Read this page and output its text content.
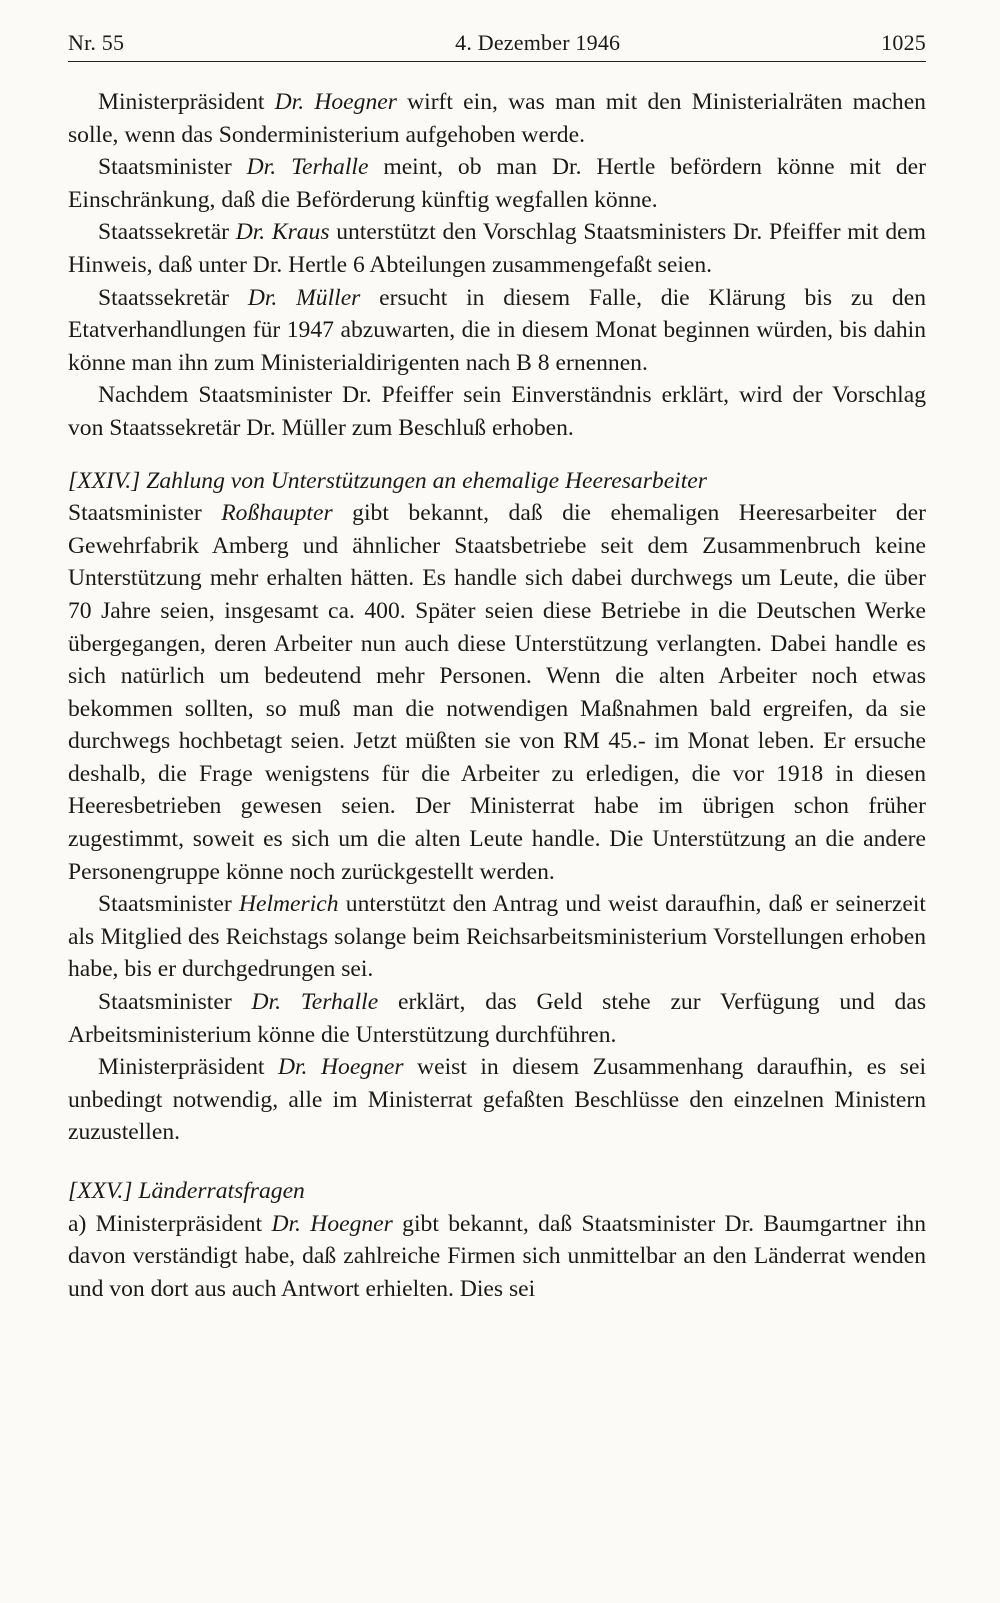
Nr. 55	4. Dezember 1946	1025

Ministerpräsident Dr. Hoegner wirft ein, was man mit den Ministerialräten machen solle, wenn das Sonderministerium aufgehoben werde.

Staatsminister Dr. Terhalle meint, ob man Dr. Hertle befördern könne mit der Einschränkung, daß die Beförderung künftig wegfallen könne.

Staatssekretär Dr. Kraus unterstützt den Vorschlag Staatsministers Dr. Pfeiffer mit dem Hinweis, daß unter Dr. Hertle 6 Abteilungen zusammengefaßt seien.

Staatssekretär Dr. Müller ersucht in diesem Falle, die Klärung bis zu den Etatverhandlungen für 1947 abzuwarten, die in diesem Monat beginnen würden, bis dahin könne man ihn zum Ministerialdirigenten nach B 8 ernennen.

Nachdem Staatsminister Dr. Pfeiffer sein Einverständnis erklärt, wird der Vorschlag von Staatssekretär Dr. Müller zum Beschluß erhoben.

[XXIV.] Zahlung von Unterstützungen an ehemalige Heeresarbeiter

Staatsminister Roßhaupter gibt bekannt, daß die ehemaligen Heeresarbeiter der Gewehrfabrik Amberg und ähnlicher Staatsbetriebe seit dem Zusammenbruch keine Unterstützung mehr erhalten hätten. Es handle sich dabei durchwegs um Leute, die über 70 Jahre seien, insgesamt ca. 400. Später seien diese Betriebe in die Deutschen Werke übergegangen, deren Arbeiter nun auch diese Unterstützung verlangten. Dabei handle es sich natürlich um bedeutend mehr Personen. Wenn die alten Arbeiter noch etwas bekommen sollten, so muß man die notwendigen Maßnahmen bald ergreifen, da sie durchwegs hochbetagt seien. Jetzt müßten sie von RM 45.- im Monat leben. Er ersuche deshalb, die Frage wenigstens für die Arbeiter zu erledigen, die vor 1918 in diesen Heeresbetrieben gewesen seien. Der Ministerrat habe im übrigen schon früher zugestimmt, soweit es sich um die alten Leute handle. Die Unterstützung an die andere Personengruppe könne noch zurückgestellt werden.

Staatsminister Helmerich unterstützt den Antrag und weist daraufhin, daß er seinerzeit als Mitglied des Reichstags solange beim Reichsarbeitsministerium Vorstellungen erhoben habe, bis er durchgedrungen sei.

Staatsminister Dr. Terhalle erklärt, das Geld stehe zur Verfügung und das Arbeitsministerium könne die Unterstützung durchführen.

Ministerpräsident Dr. Hoegner weist in diesem Zusammenhang daraufhin, es sei unbedingt notwendig, alle im Ministerrat gefaßten Beschlüsse den einzelnen Ministern zuzustellen.

[XXV.] Länderratsfragen

a) Ministerpräsident Dr. Hoegner gibt bekannt, daß Staatsminister Dr. Baumgartner ihn davon verständigt habe, daß zahlreiche Firmen sich unmittelbar an den Länderrat wenden und von dort aus auch Antwort erhielten. Dies sei
